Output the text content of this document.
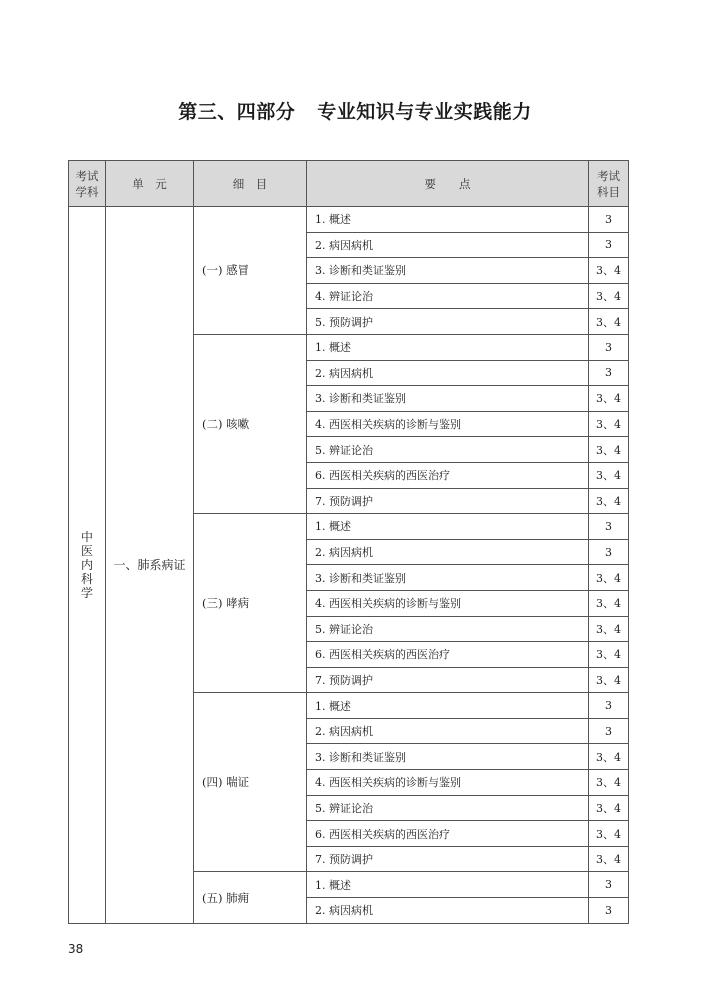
第三、四部分 专业知识与专业实践能力
考试学科	单　元	细　目	要　　点	考试科目
中医内科学	一、肺系病证	(一) 感冒	1. 概述	3
			2. 病因病机	3
			3. 诊断和类证鉴别	3、4
			4. 辨证论治	3、4
			5. 预防调护	3、4
		(二) 咳嗽	1. 概述	3
			2. 病因病机	3
			3. 诊断和类证鉴别	3、4
			4. 西医相关疾病的诊断与鉴别	3、4
			5. 辨证论治	3、4
			6. 西医相关疾病的西医治疗	3、4
			7. 预防调护	3、4
		(三) 哮病	1. 概述	3
			2. 病因病机	3
			3. 诊断和类证鉴别	3、4
			4. 西医相关疾病的诊断与鉴别	3、4
			5. 辨证论治	3、4
			6. 西医相关疾病的西医治疗	3、4
			7. 预防调护	3、4
		(四) 喘证	1. 概述	3
			2. 病因病机	3
			3. 诊断和类证鉴别	3、4
			4. 西医相关疾病的诊断与鉴别	3、4
			5. 辨证论治	3、4
			6. 西医相关疾病的西医治疗	3、4
			7. 预防调护	3、4
		(五) 肺痈	1. 概述	3
			2. 病因病机	3
38
